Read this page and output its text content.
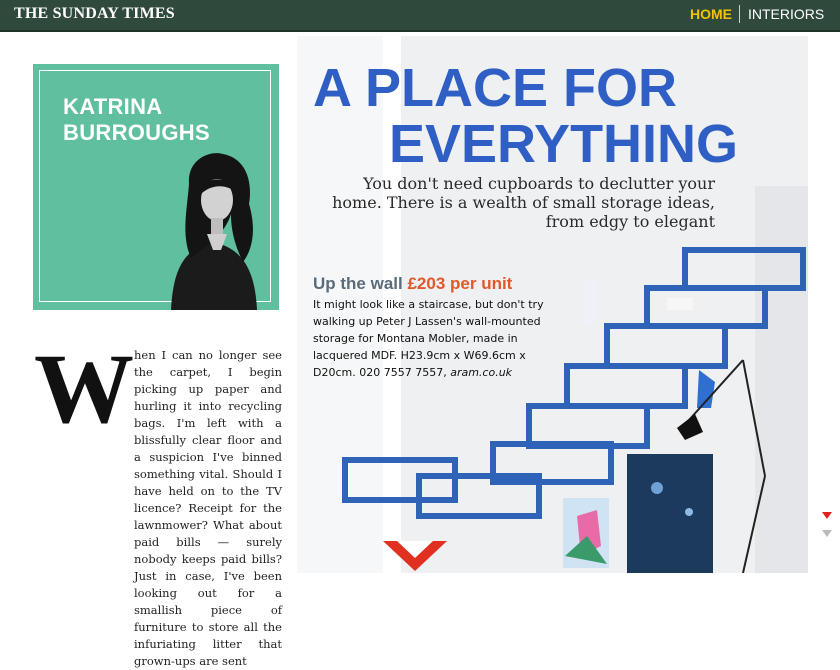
THE SUNDAY TIMES	HOME INTERIORS
KATRINA
BURROUGHS
W hen I can no longer see the carpet, I begin picking up paper and hurling it into recycling bags. I'm left with a blissfully clear floor and a suspicion I've binned something vital. Should I have held on to the TV licence? Receipt for the lawnmower? What about paid bills — surely nobody keeps paid bills? Just in case, I've been looking out for a smallish piece of furniture to store all the infuriating litter that grown-ups are sent
A PLACE FOR
EVERYTHING
You don't need cupboards to declutter your home. There is a wealth of small storage ideas, from edgy to elegant
Up the wall £203 per unit
It might look like a staircase, but don't try walking up Peter J Lassen's wall-mounted storage for Montana Mobler, made in lacquered MDF. H23.9cm x W69.6cm x D20cm. 020 7557 7557, aram.co.uk
